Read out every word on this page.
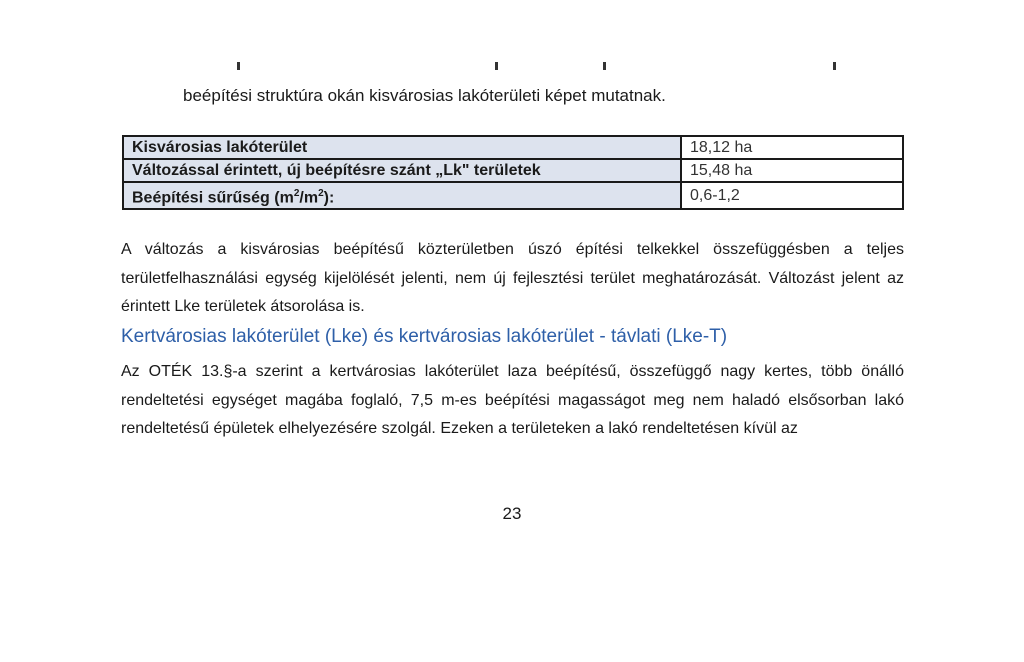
beépítési struktúra okán kisvárosias lakóterületi képet mutatnak.
Kisvárosias lakóterület	18,12 ha
Változással érintett, új beépítésre szánt „Lk" területek	15,48 ha
Beépítési sűrűség $(m^2/m^2)$:	0,6-1,2
A változás a kisvárosias beépítésű közterületben úszó építési telkekkel összefüggésben a teljes területfelhasználási egység kijelölését jelenti, nem új fejlesztési terület meghatározását. Változást jelent az érintett Lke területek átsorolása is.
Kertvárosias lakóterület (Lke) és kertvárosias lakóterület - távlati (Lke-T)
Az OTÉK 13.§-a szerint a kertvárosias lakóterület laza beépítésű, összefüggő nagy kertes, több önálló rendeltetési egységet magába foglaló, 7,5 m-es beépítési magasságot meg nem haladó elsősorban lakó rendeltetésű épületek elhelyezésére szolgál. Ezeken a területeken a lakó rendeltetésen kívül az
23
